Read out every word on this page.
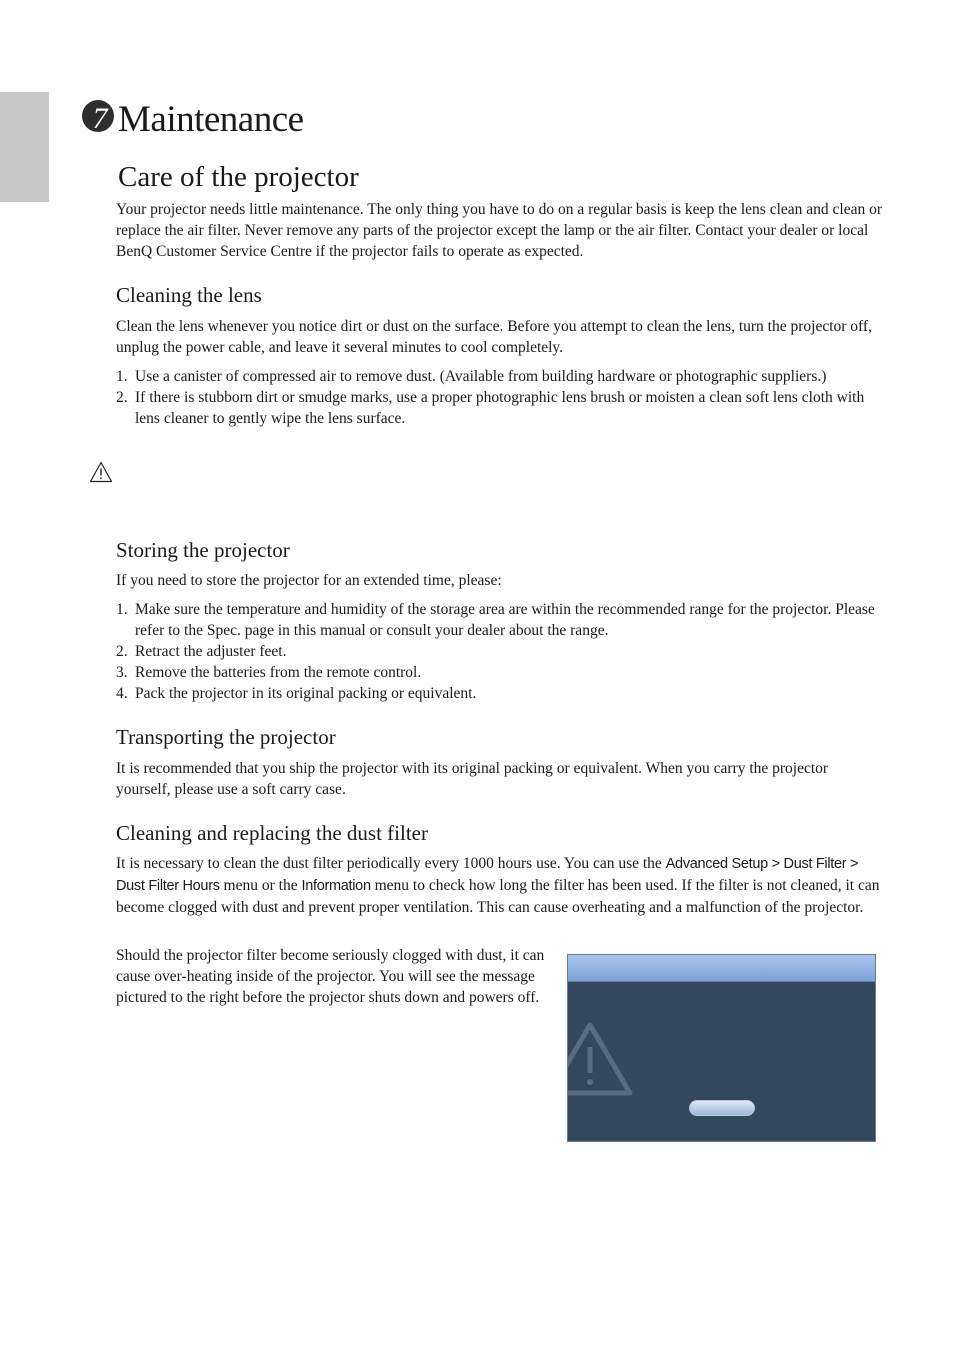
7 Maintenance
Care of the projector
Your projector needs little maintenance. The only thing you have to do on a regular basis is keep the lens clean and clean or replace the air filter. Never remove any parts of the projector except the lamp or the air filter. Contact your dealer or local BenQ Customer Service Centre if the projector fails to operate as expected.
Cleaning the lens
Clean the lens whenever you notice dirt or dust on the surface. Before you attempt to clean the lens, turn the projector off, unplug the power cable, and leave it several minutes to cool completely.
1. Use a canister of compressed air to remove dust. (Available from building hardware or photographic suppliers.)
2. If there is stubborn dirt or smudge marks, use a proper photographic lens brush or moisten a clean soft lens cloth with lens cleaner to gently wipe the lens surface.
Storing the projector
If you need to store the projector for an extended time, please:
1. Make sure the temperature and humidity of the storage area are within the recommended range for the projector. Please refer to the Spec. page in this manual or consult your dealer about the range.
2. Retract the adjuster feet.
3. Remove the batteries from the remote control.
4. Pack the projector in its original packing or equivalent.
Transporting the projector
It is recommended that you ship the projector with its original packing or equivalent. When you carry the projector yourself, please use a soft carry case.
Cleaning and replacing the dust filter
It is necessary to clean the dust filter periodically every 1000 hours use. You can use the Advanced Setup > Dust Filter > Dust Filter Hours menu or the Information menu to check how long the filter has been used. If the filter is not cleaned, it can become clogged with dust and prevent proper ventilation. This can cause overheating and a malfunction of the projector.
Should the projector filter become seriously clogged with dust, it can cause over-heating inside of the projector. You will see the message pictured to the right before the projector shuts down and powers off.
